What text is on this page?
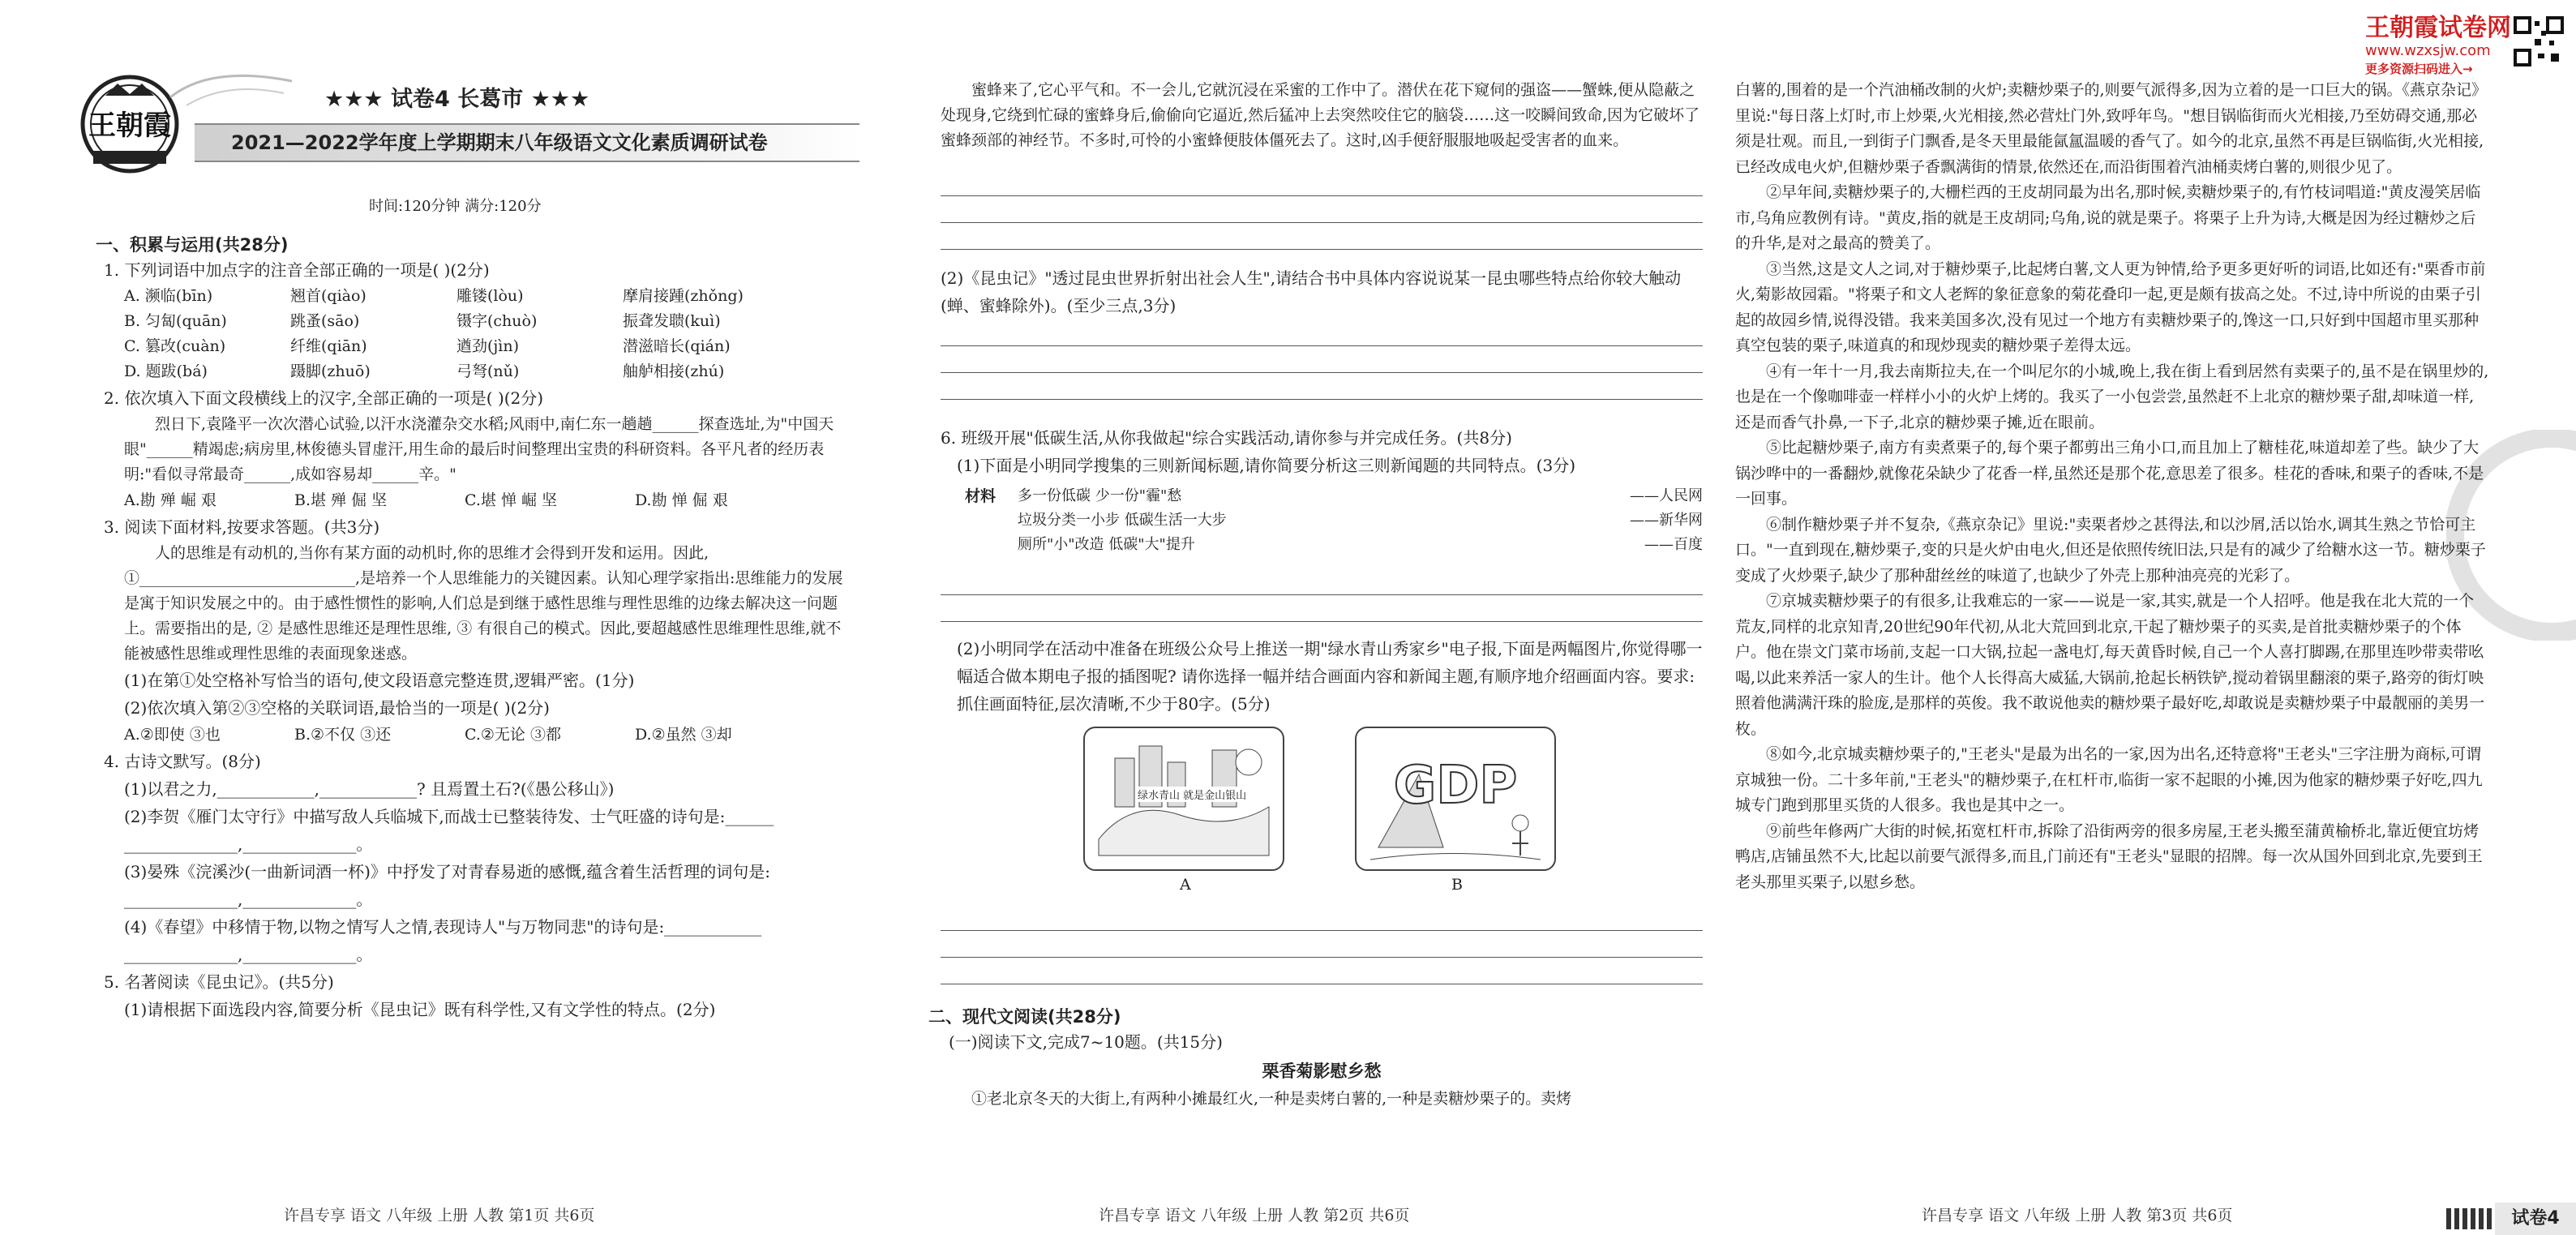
王朝霞
★★★ 试卷4 长葛市 ★★★
2021—2022学年度上学期期末八年级语文文化素质调研试卷
时间:120分钟 满分:120分

一、积累与运用(共28分)

1. 下列词语中加点字的注音全部正确的一项是( )(2分)

A. 濒临(bīn)	翘首(qiào)	雕镂(lòu)	摩肩接踵(zhǒng)
B. 匀匐(quān)	跳蚤(sāo)	镊字(chuò)	振聋发聩(kuì)
C. 篡改(cuàn)	纤维(qiān)	遒劲(jìn)	潜滋暗长(qián)
D. 题跋(bá)	蹑脚(zhuō)	弓弩(nǔ)	舳舻相接(zhú)

2. 依次填入下面文段横线上的汉字,全部正确的一项是( )(2分)

烈日下,袁隆平一次次潜心试验,以汗水浇灌杂交水稻;风雨中,南仁东一趟趟______探查选址,为"中国天眼"______精竭虑;病房里,林俊德头冒虚汗,用生命的最后时间整理出宝贵的科研资料。各平凡者的经历表明:"看似寻常最奇______,成如容易却______辛。"

A.勘 殚 崛 艰	B.堪 殚 倔 坚	C.堪 惮 崛 坚	D.勘 惮 倔 艰

3. 阅读下面材料,按要求答题。(共3分)

人的思维是有动机的,当你有某方面的动机时,你的思维才会得到开发和运用。因此,

①____________________________,是培养一个人思维能力的关键因素。认知心理学家指出:思维能力的发展是寓于知识发展之中的。由于感性惯性的影响,人们总是到继于感性思维与理性思维的边缘去解决这一问题上。需要指出的是, ② 是感性思维还是理性思维, ③ 有很自己的模式。因此,要超越感性思维理性思维,就不能被感性思维或理性思维的表面现象迷惑。

(1)在第①处空格补写恰当的语句,使文段语意完整连贯,逻辑严密。(1分)

(2)依次填入第②③空格的关联词语,最恰当的一项是( )(2分)

A.②即使 ③也	B.②不仅 ③还	C.②无论 ③都	D.②虽然 ③却

4. 古诗文默写。(8分)

(1)以君之力,____________,____________? 且焉置土石?(《愚公移山》)

(2)李贺《雁门太守行》中描写敌人兵临城下,而战士已整装待发、士气旺盛的诗句是:______

______________,______________。

(3)晏殊《浣溪沙(一曲新词酒一杯)》中抒发了对青春易逝的感慨,蕴含着生活哲理的词句是:

______________,______________。

(4)《春望》中移情于物,以物之情写人之情,表现诗人"与万物同悲"的诗句是:____________

______________,______________。

5. 名著阅读《昆虫记》。(共5分)

(1)请根据下面选段内容,简要分析《昆虫记》既有科学性,又有文学性的特点。(2分)

许昌专享 语文 八年级 上册 人教 第1页 共6页

蜜蜂来了,它心平气和。不一会儿,它就沉浸在采蜜的工作中了。潜伏在花下窥伺的强盗——蟹蛛,便从隐蔽之处现身,它绕到忙碌的蜜蜂身后,偷偷向它逼近,然后猛冲上去突然咬住它的脑袋……这一咬瞬间致命,因为它破坏了蜜蜂颈部的神经节。不多时,可怜的小蜜蜂便肢体僵死去了。这时,凶手便舒服服地吸起受害者的血来。

(2)《昆虫记》"透过昆虫世界折射出社会人生",请结合书中具体内容说说某一昆虫哪些特点给你较大触动(蝉、蜜蜂除外)。(至少三点,3分)

6. 班级开展"低碳生活,从你我做起"综合实践活动,请你参与并完成任务。(共8分)

(1)下面是小明同学搜集的三则新闻标题,请你简要分析这三则新闻题的共同特点。(3分)

材料	多一份低碳 少一份"霾"愁	——人民网
垃圾分类一小步 低碳生活一大步	——新华网
厕所"小"改造 低碳"大"提升	——百度

(2)小明同学在活动中准备在班级公众号上推送一期"绿水青山秀家乡"电子报,下面是两幅图片,你觉得哪一幅适合做本期电子报的插图呢? 请你选择一幅并结合画面内容和新闻主题,有顺序地介绍画面内容。要求:抓住画面特征,层次清晰,不少于80字。(5分)

绿水青山 就是金山银山	GDP
A	B

二、现代文阅读(共28分)

(一)阅读下文,完成7~10题。(共15分)

栗香菊影慰乡愁

①老北京冬天的大街上,有两种小摊最红火,一种是卖烤白薯的,一种是卖糖炒栗子的。卖烤

许昌专享 语文 八年级 上册 人教 第2页 共6页
王朝霞试卷网
www.wzxsjw.com
更多资源扫码进入→

白薯的,围着的是一个汽油桶改制的火炉;卖糖炒栗子的,则要气派得多,因为立着的是一口巨大的锅。《燕京杂记》里说:"每日落上灯时,市上炒栗,火光相接,然必营灶门外,致呼年鸟。"想目锅临街而火光相接,乃至妨碍交通,那必须是壮观。而且,一到街子门飘香,是冬天里最能氤氲温暖的香气了。如今的北京,虽然不再是巨锅临街,火光相接,已经改成电火炉,但糖炒栗子香飘满街的情景,依然还在,而沿街围着汽油桶卖烤白薯的,则很少见了。

②早年间,卖糖炒栗子的,大栅栏西的王皮胡同最为出名,那时候,卖糖炒栗子的,有竹枝词唱道:"黄皮漫笑居临市,乌角应教例有诗。"黄皮,指的就是王皮胡同;乌角,说的就是栗子。将栗子上升为诗,大概是因为经过糖炒之后的升华,是对之最高的赞美了。

③当然,这是文人之词,对于糖炒栗子,比起烤白薯,文人更为钟情,给予更多更好听的词语,比如还有:"栗香市前火,菊影故园霜。"将栗子和文人老辉的象征意象的菊花叠印一起,更是颇有拔高之处。不过,诗中所说的由栗子引起的故园乡情,说得没错。我来美国多次,没有见过一个地方有卖糖炒栗子的,馋这一口,只好到中国超市里买那种真空包装的栗子,味道真的和现炒现卖的糖炒栗子差得太远。

④有一年十一月,我去南斯拉夫,在一个叫尼尔的小城,晚上,我在街上看到居然有卖栗子的,虽不是在锅里炒的,也是在一个像咖啡壶一样样小小的火炉上烤的。我买了一小包尝尝,虽然赶不上北京的糖炒栗子甜,却味道一样,还是而香气扑鼻,一下子,北京的糖炒栗子摊,近在眼前。

⑤比起糖炒栗子,南方有卖煮栗子的,每个栗子都剪出三角小口,而且加上了糖桂花,味道却差了些。缺少了大锅沙哗中的一番翻炒,就像花朵缺少了花香一样,虽然还是那个花,意思差了很多。桂花的香味,和栗子的香味,不是一回事。

⑥制作糖炒栗子并不复杂,《燕京杂记》里说:"卖栗者炒之甚得法,和以沙屑,活以饴水,调其生熟之节恰可主口。"一直到现在,糖炒栗子,变的只是火炉由电火,但还是依照传统旧法,只是有的减少了给糖水这一节。糖炒栗子变成了火炒栗子,缺少了那种甜丝丝的味道了,也缺少了外壳上那种油亮亮的光彩了。

⑦京城卖糖炒栗子的有很多,让我难忘的一家——说是一家,其实,就是一个人招呼。他是我在北大荒的一个荒友,同样的北京知青,20世纪90年代初,从北大荒回到北京,干起了糖炒栗子的买卖,是首批卖糖炒栗子的个体户。他在崇文门菜市场前,支起一口大锅,拉起一盏电灯,每天黄昏时候,自己一个人喜打脚踢,在那里连吵带卖带吆喝,以此来养活一家人的生计。他个人长得高大威猛,大锅前,抢起长柄铁铲,搅动着锅里翻滚的栗子,路旁的街灯映照着他满满汗珠的脸庞,是那样的英俊。我不敢说他卖的糖炒栗子最好吃,却敢说是卖糖炒栗子中最靓丽的美男一枚。

⑧如今,北京城卖糖炒栗子的,"王老头"是最为出名的一家,因为出名,还特意将"王老头"三字注册为商标,可谓京城独一份。二十多年前,"王老头"的糖炒栗子,在杠杆市,临街一家不起眼的小摊,因为他家的糖炒栗子好吃,四九城专门跑到那里买货的人很多。我也是其中之一。

⑨前些年修两广大街的时候,拓宽杠杆市,拆除了沿街两旁的很多房屋,王老头搬至蒲黄榆桥北,靠近便宜坊烤鸭店,店铺虽然不大,比起以前要气派得多,而且,门前还有"王老头"显眼的招牌。每一次从国外回到北京,先要到王老头那里买栗子,以慰乡愁。

许昌专享 语文 八年级 上册 人教 第3页 共6页	试卷4
